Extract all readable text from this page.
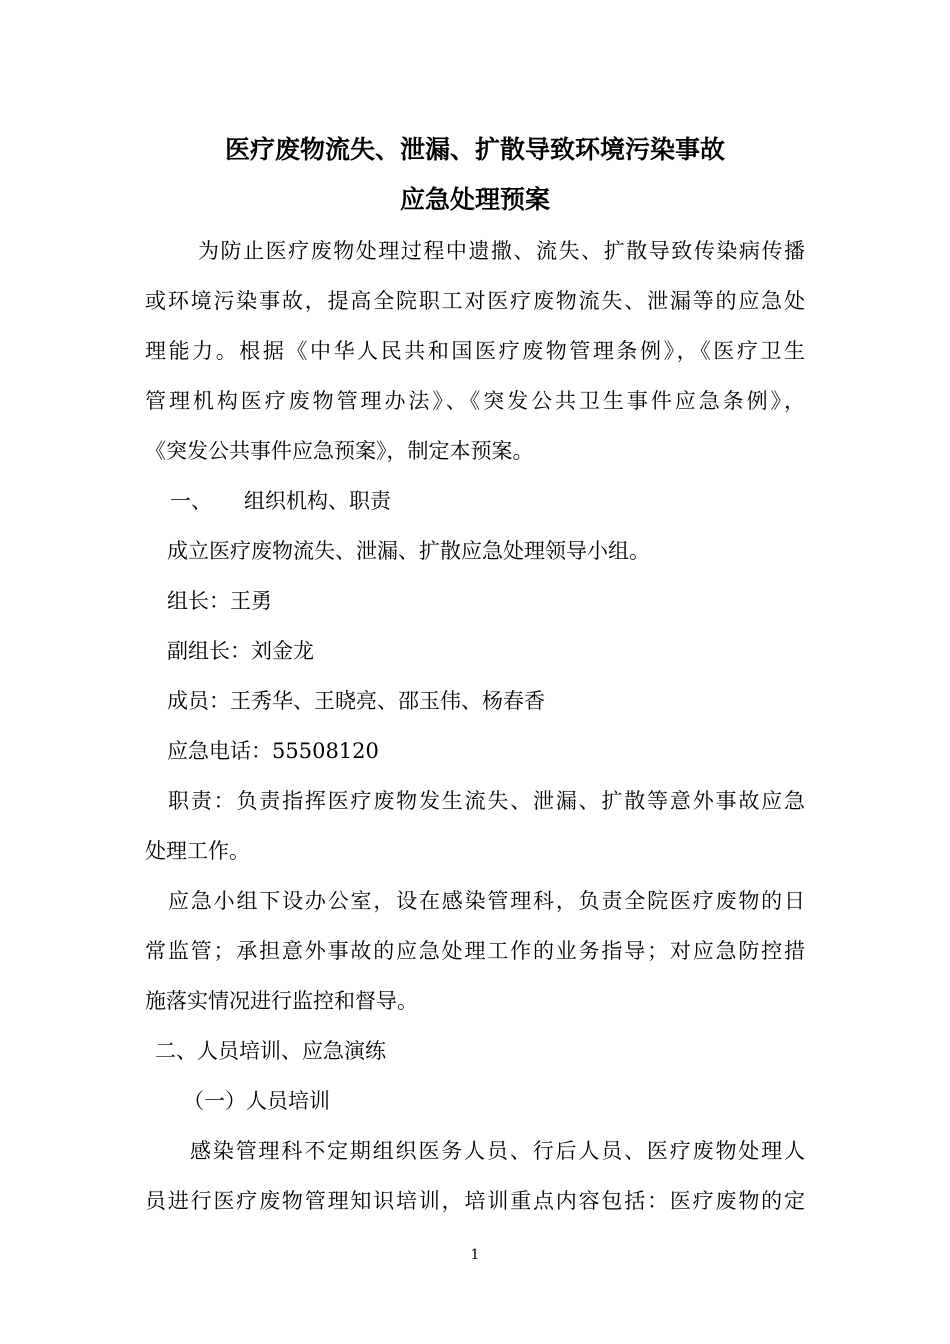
医疗废物流失、泄漏、扩散导致环境污染事故
应急处理预案
为防止医疗废物处理过程中遗撒、流失、扩散导致传染病传播
或环境污染事故，提高全院职工对医疗废物流失、泄漏等的应急处
理能力。根据《中华人民共和国医疗废物管理条例》，《医疗卫生
管理机构医疗废物管理办法》、《突发公共卫生事件应急条例》，
《突发公共事件应急预案》，制定本预案。
一、 组织机构、职责
成立医疗废物流失、泄漏、扩散应急处理领导小组。
组长：王勇
副组长：刘金龙
成员：王秀华、王晓亮、邵玉伟、杨春香
应急电话：55508120
职责：负责指挥医疗废物发生流失、泄漏、扩散等意外事故应急
处理工作。
应急小组下设办公室，设在感染管理科，负责全院医疗废物的日
常监管；承担意外事故的应急处理工作的业务指导；对应急防控措
施落实情况进行监控和督导。
二、人员培训、应急演练
（一）人员培训
感染管理科不定期组织医务人员、行后人员、医疗废物处理人
员进行医疗废物管理知识培训，培训重点内容包括：医疗废物的定
1
